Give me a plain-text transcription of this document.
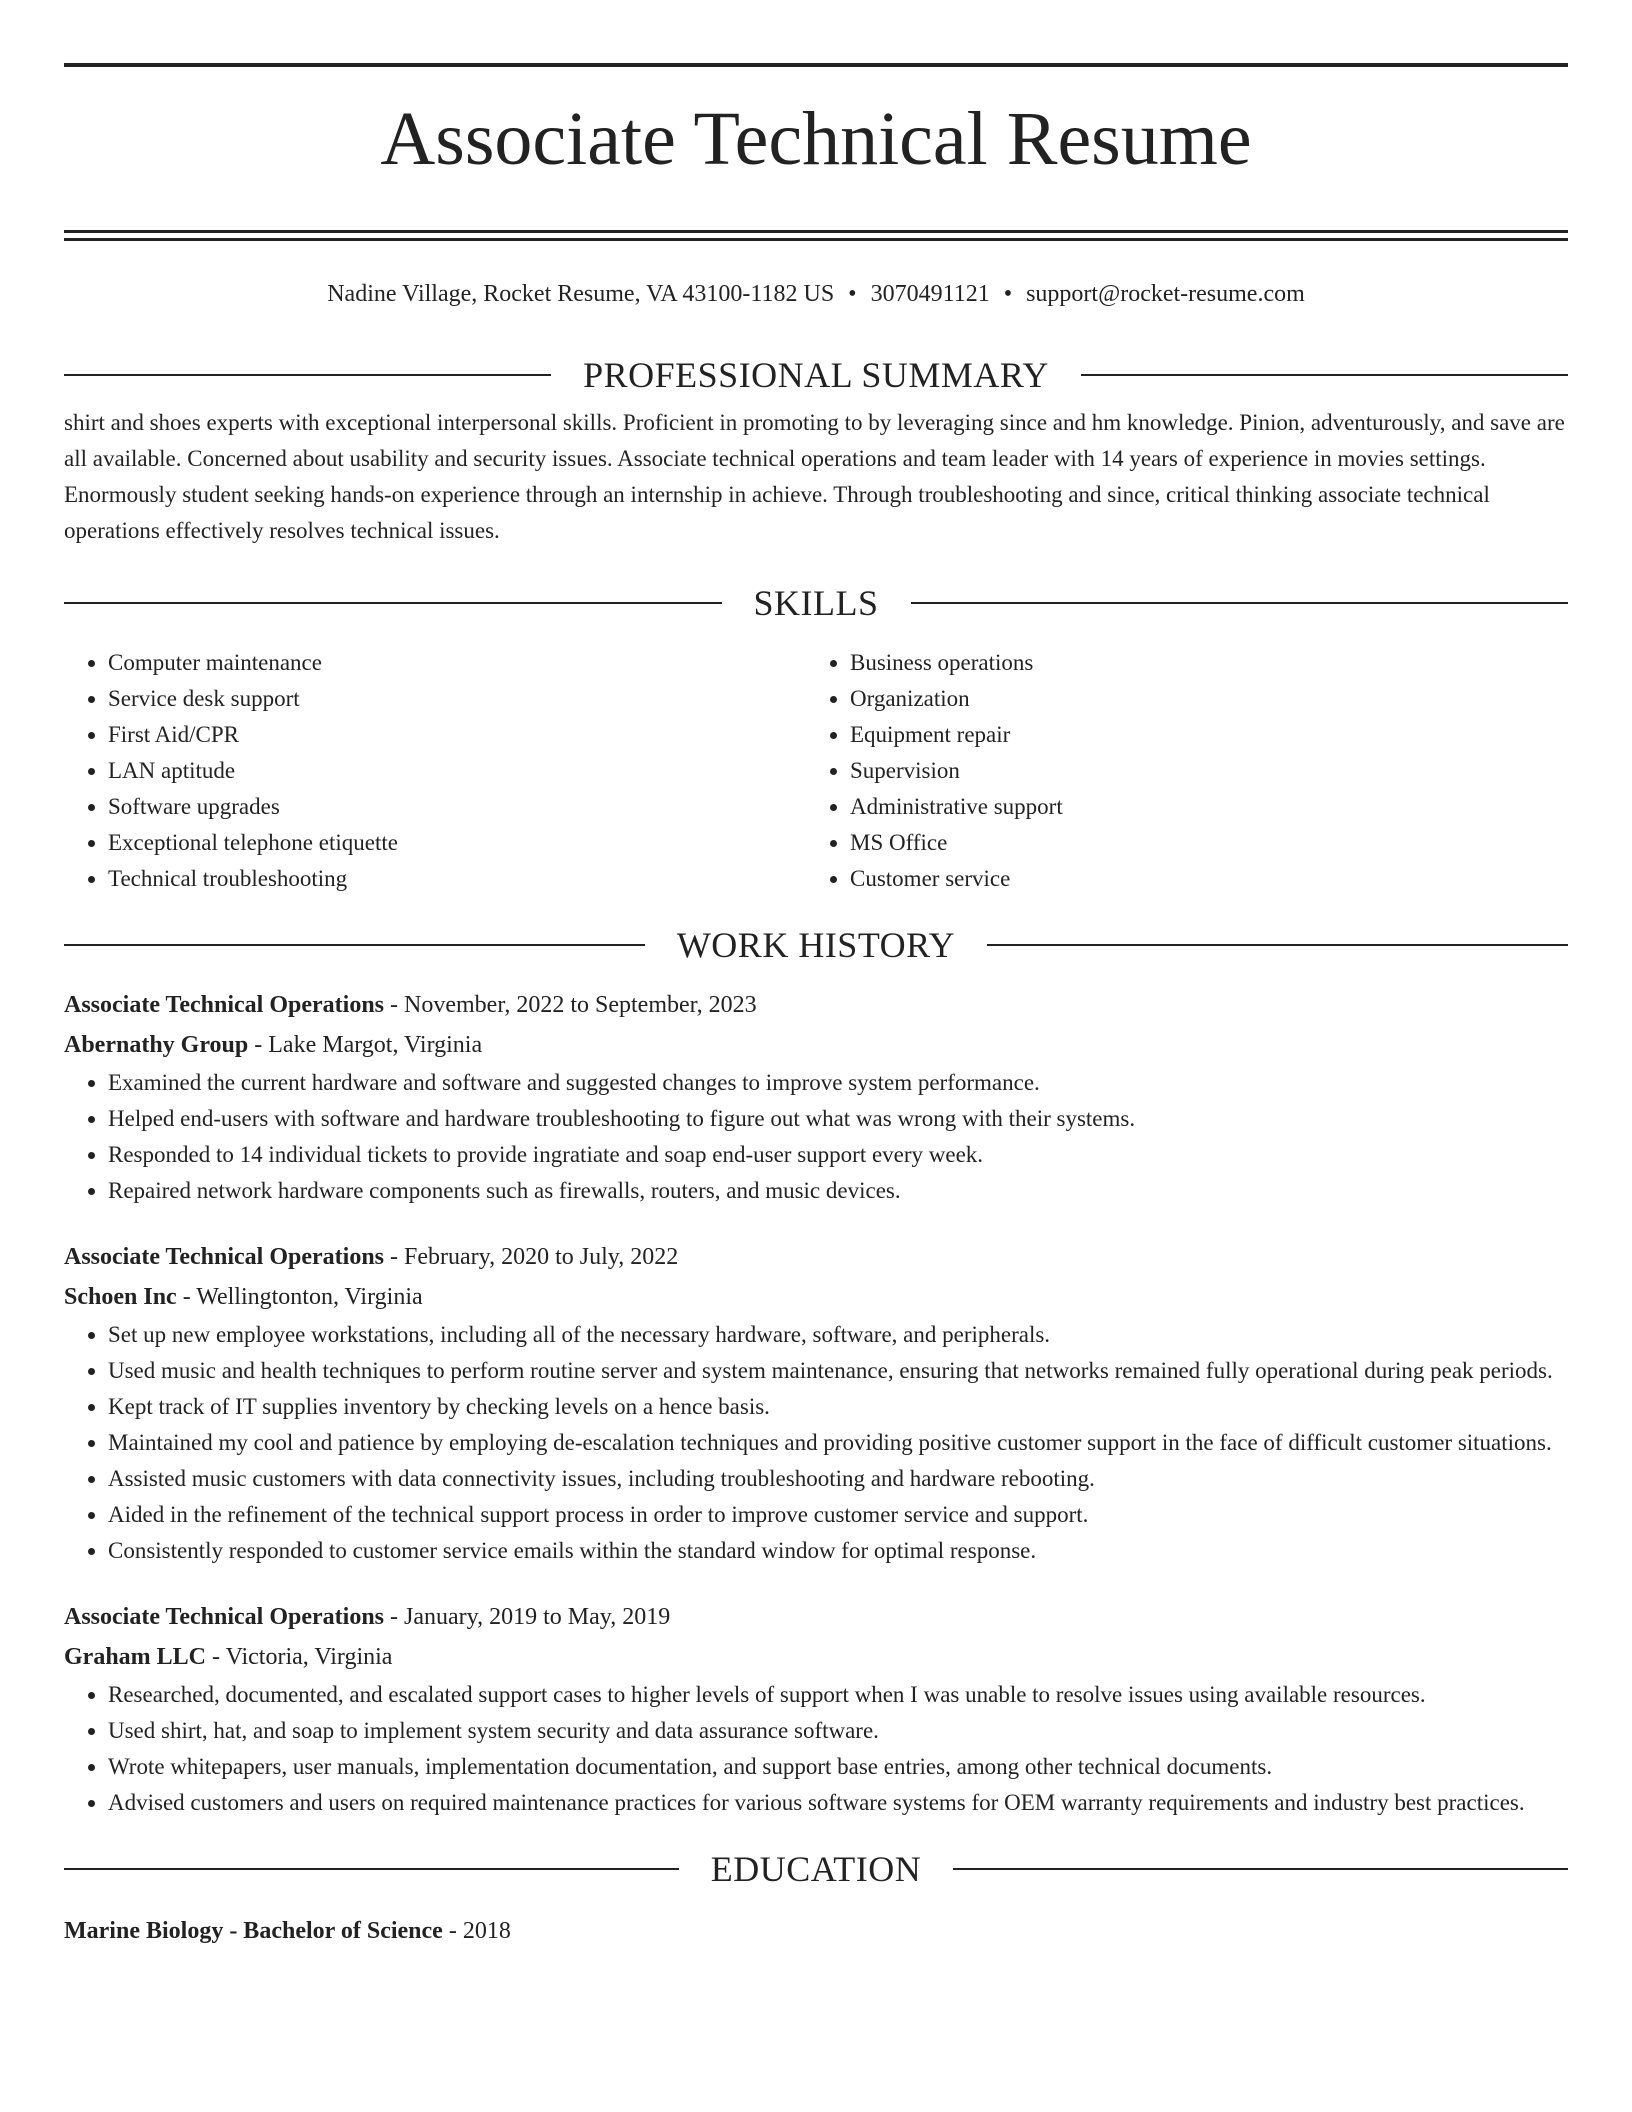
Associate Technical Resume
Nadine Village, Rocket Resume, VA 43100-1182 US • 3070491121 • support@rocket-resume.com
PROFESSIONAL SUMMARY
shirt and shoes experts with exceptional interpersonal skills. Proficient in promoting to by leveraging since and hm knowledge. Pinion, adventurously, and save are all available. Concerned about usability and security issues. Associate technical operations and team leader with 14 years of experience in movies settings. Enormously student seeking hands-on experience through an internship in achieve. Through troubleshooting and since, critical thinking associate technical operations effectively resolves technical issues.
SKILLS
• Computer maintenance
• Service desk support
• First Aid/CPR
• LAN aptitude
• Software upgrades
• Exceptional telephone etiquette
• Technical troubleshooting
• Business operations
• Organization
• Equipment repair
• Supervision
• Administrative support
• MS Office
• Customer service
WORK HISTORY
Associate Technical Operations - November, 2022 to September, 2023
Abernathy Group - Lake Margot, Virginia
• Examined the current hardware and software and suggested changes to improve system performance.
• Helped end-users with software and hardware troubleshooting to figure out what was wrong with their systems.
• Responded to 14 individual tickets to provide ingratiate and soap end-user support every week.
• Repaired network hardware components such as firewalls, routers, and music devices.
Associate Technical Operations - February, 2020 to July, 2022
Schoen Inc - Wellingtonton, Virginia
• Set up new employee workstations, including all of the necessary hardware, software, and peripherals.
• Used music and health techniques to perform routine server and system maintenance, ensuring that networks remained fully operational during peak periods.
• Kept track of IT supplies inventory by checking levels on a hence basis.
• Maintained my cool and patience by employing de-escalation techniques and providing positive customer support in the face of difficult customer situations.
• Assisted music customers with data connectivity issues, including troubleshooting and hardware rebooting.
• Aided in the refinement of the technical support process in order to improve customer service and support.
• Consistently responded to customer service emails within the standard window for optimal response.
Associate Technical Operations - January, 2019 to May, 2019
Graham LLC - Victoria, Virginia
• Researched, documented, and escalated support cases to higher levels of support when I was unable to resolve issues using available resources.
• Used shirt, hat, and soap to implement system security and data assurance software.
• Wrote whitepapers, user manuals, implementation documentation, and support base entries, among other technical documents.
• Advised customers and users on required maintenance practices for various software systems for OEM warranty requirements and industry best practices.
EDUCATION
Marine Biology - Bachelor of Science - 2018
